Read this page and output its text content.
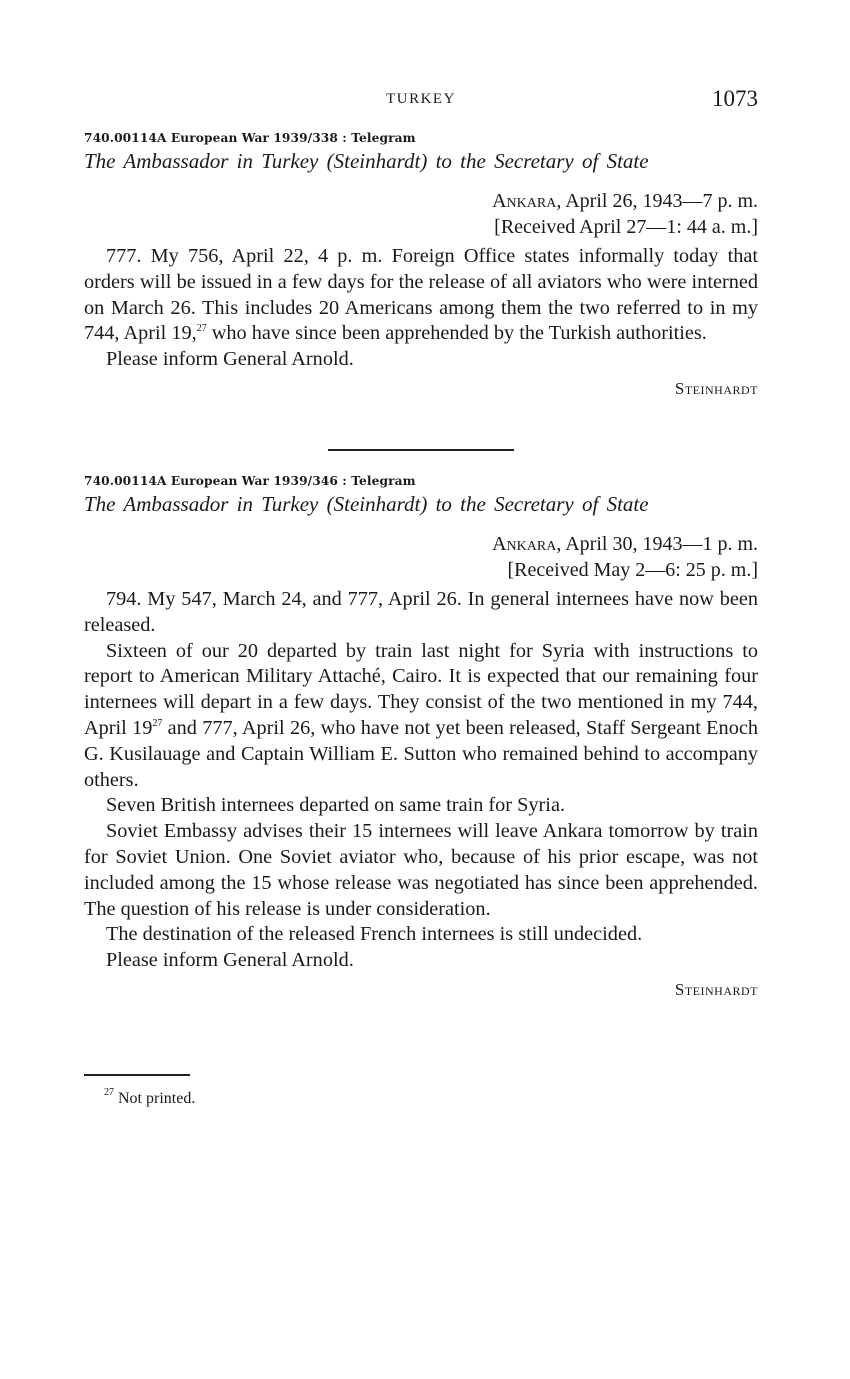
TURKEY	1073
740.00114A European War 1939/338 : Telegram
The Ambassador in Turkey (Steinhardt) to the Secretary of State
Ankara, April 26, 1943—7 p. m.
[Received April 27—1: 44 a. m.]

777. My 756, April 22, 4 p. m. Foreign Office states informally today that orders will be issued in a few days for the release of all aviators who were interned on March 26. This includes 20 Americans among them the two referred to in my 744, April 19,27 who have since been apprehended by the Turkish authorities.

Please inform General Arnold.

Steinhardt
740.00114A European War 1939/346 : Telegram
The Ambassador in Turkey (Steinhardt) to the Secretary of State
Ankara, April 30, 1943—1 p. m.
[Received May 2—6: 25 p. m.]

794. My 547, March 24, and 777, April 26. In general internees have now been released.

Sixteen of our 20 departed by train last night for Syria with instructions to report to American Military Attaché, Cairo. It is expected that our remaining four internees will depart in a few days. They consist of the two mentioned in my 744, April $19^{27}$ and 777, April 26, who have not yet been released, Staff Sergeant Enoch G. Kusilauage and Captain William E. Sutton who remained behind to accompany others.

Seven British internees departed on same train for Syria.

Soviet Embassy advises their 15 internees will leave Ankara tomorrow by train for Soviet Union. One Soviet aviator who, because of his prior escape, was not included among the 15 whose release was negotiated has since been apprehended. The question of his release is under consideration.

The destination of the released French internees is still undecided.

Please inform General Arnold.

Steinhardt
$^{27}$ Not printed.
